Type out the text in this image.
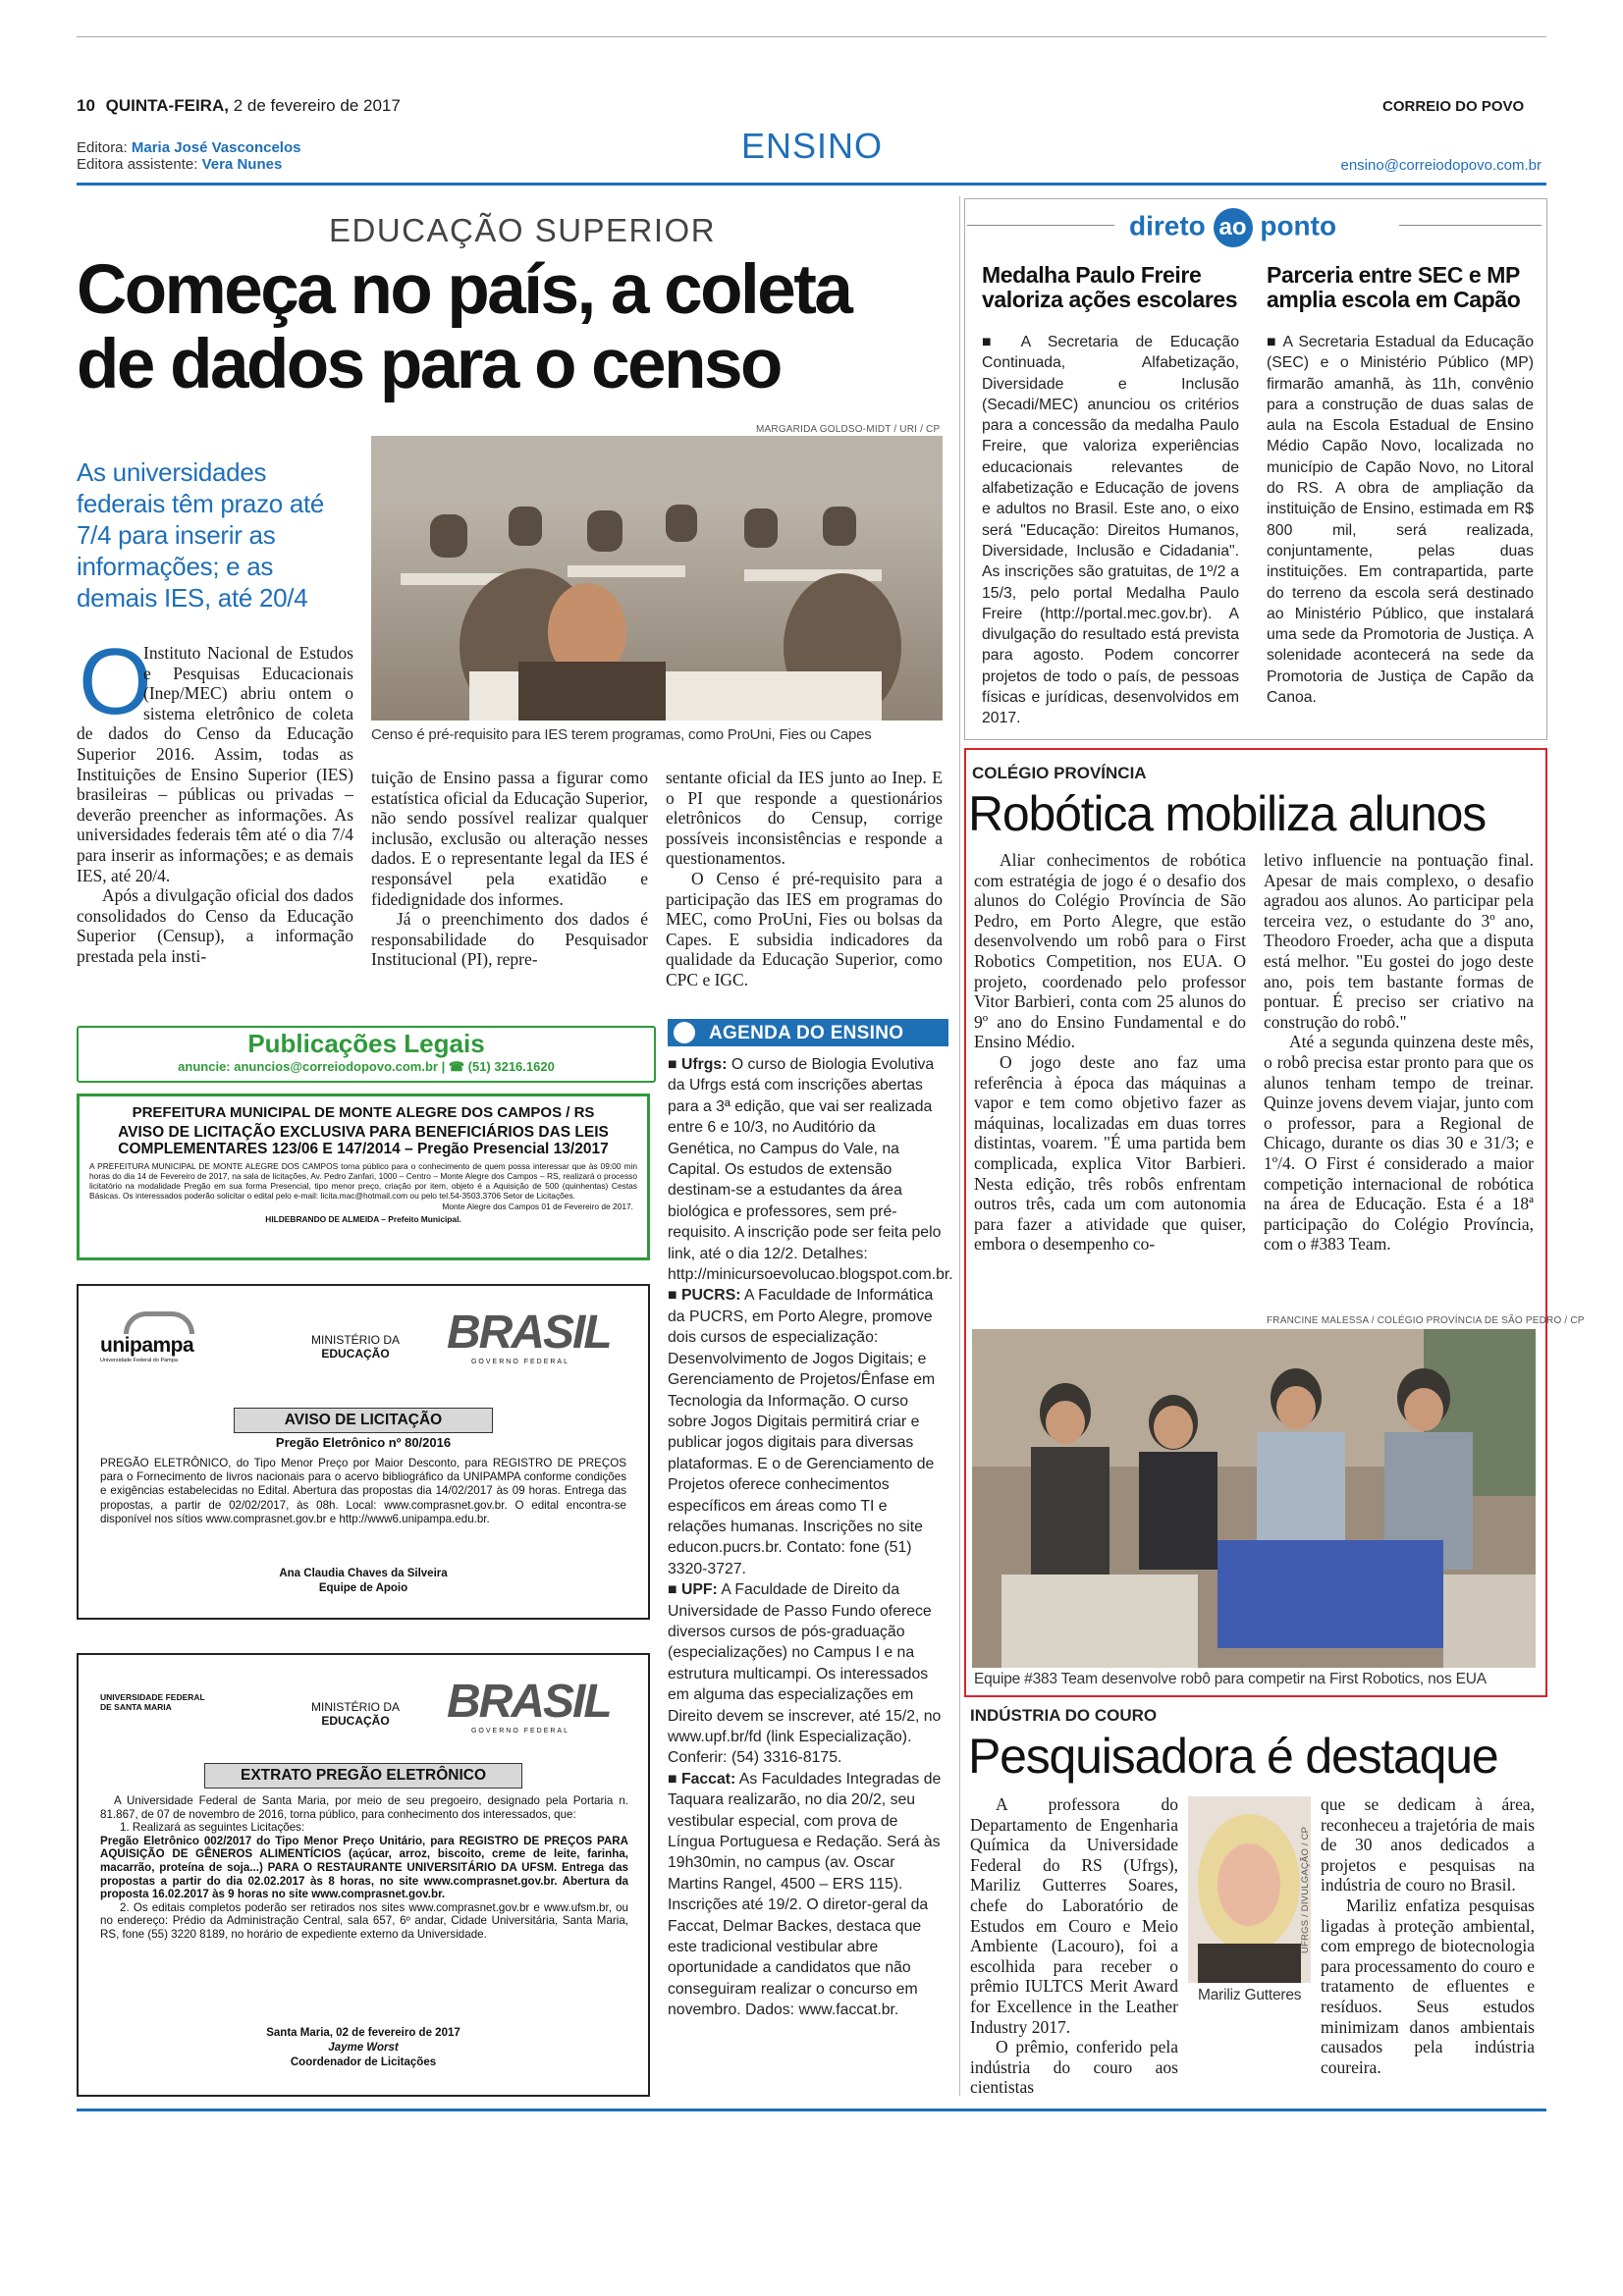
10 QUINTA-FEIRA, 2 de fevereiro de 2017	CORREIO DO POVO
Editora: Maria José Vasconcelos
Editora assistente: Vera Nunes	ENSINO	ensino@correiodopovo.com.br
EDUCAÇÃO SUPERIOR
Começa no país, a coleta
de dados para o censo
MARGARIDA GOLDSO-MIDT / URI / CP
Censo é pré-requisito para IES terem programas, como ProUni, Fies ou Capes
As universidades federais têm prazo até 7/4 para inserir as informações; e as demais IES, até 20/4
O

Instituto Nacional de Estudos e Pesquisas Educacionais (Inep/MEC) abriu ontem o sistema eletrônico de coleta de dados do Censo da Educação Superior 2016. Assim, todas as Instituições de Ensino Superior (IES) brasileiras – públicas ou privadas – deverão preencher as informações. As universidades federais têm até o dia 7/4 para inserir as informações; e as demais IES, até 20/4.

Após a divulgação oficial dos dados consolidados do Censo da Educação Superior (Censup), a informação prestada pela insti-

tuição de Ensino passa a figurar como estatística oficial da Educação Superior, não sendo possível realizar qualquer inclusão, exclusão ou alteração nesses dados. E o representante legal da IES é responsável pela exatidão e fidedignidade dos informes.

Já o preenchimento dos dados é responsabilidade do Pesquisador Institucional (PI), repre-

sentante oficial da IES junto ao Inep. E o PI que responde a questionários eletrônicos do Censup, corrige possíveis inconsistências e responde a questionamentos.

O Censo é pré-requisito para a participação das IES em programas do MEC, como ProUni, Fies ou bolsas da Capes. E subsidia indicadores da qualidade da Educação Superior, como CPC e IGC.

direto ao ponto
Medalha Paulo Freire valoriza ações escolares

■ A Secretaria de Educação Continuada, Alfabetização, Diversidade e Inclusão (Secadi/MEC) anunciou os critérios para a concessão da medalha Paulo Freire, que valoriza experiências educacionais relevantes de alfabetização e Educação de jovens e adultos no Brasil. Este ano, o eixo será "Educação: Direitos Humanos, Diversidade, Inclusão e Cidadania". As inscrições são gratuitas, de 1º/2 a 15/3, pelo portal Medalha Paulo Freire (http://portal.mec.gov.br). A divulgação do resultado está prevista para agosto. Podem concorrer projetos de todo o país, de pessoas físicas e jurídicas, desenvolvidos em 2017.

Parceria entre SEC e MP amplia escola em Capão

■ A Secretaria Estadual da Educação (SEC) e o Ministério Público (MP) firmarão amanhã, às 11h, convênio para a construção de duas salas de aula na Escola Estadual de Ensino Médio Capão Novo, localizada no município de Capão Novo, no Litoral do RS. A obra de ampliação da instituição de Ensino, estimada em R$ 800 mil, será realizada, conjuntamente, pelas duas instituições. Em contrapartida, parte do terreno da escola será destinado ao Ministério Público, que instalará uma sede da Promotoria de Justiça. A solenidade acontecerá na sede da Promotoria de Justiça de Capão da Canoa.

COLÉGIO PROVÍNCIA
Robótica mobiliza alunos

Aliar conhecimentos de robótica com estratégia de jogo é o desafio dos alunos do Colégio Província de São Pedro, em Porto Alegre, que estão desenvolvendo um robô para o First Robotics Competition, nos EUA. O projeto, coordenado pelo professor Vitor Barbieri, conta com 25 alunos do 9º ano do Ensino Fundamental e do Ensino Médio.

O jogo deste ano faz uma referência à época das máquinas a vapor e tem como objetivo fazer as máquinas, localizadas em duas torres distintas, voarem. "É uma partida bem complicada, explica Vitor Barbieri. Nesta edição, três robôs enfrentam outros três, cada um com autonomia para fazer a atividade que quiser, embora o desempenho co-

letivo influencie na pontuação final. Apesar de mais complexo, o desafio agradou aos alunos. Ao participar pela terceira vez, o estudante do 3º ano, Theodoro Froeder, acha que a disputa está melhor. "Eu gostei do jogo deste ano, pois tem bastante formas de pontuar. É preciso ser criativo na construção do robô."

Até a segunda quinzena deste mês, o robô precisa estar pronto para que os alunos tenham tempo de treinar. Quinze jovens devem viajar, junto com o professor, para a Regional de Chicago, durante os dias 30 e 31/3; e 1º/4. O First é considerado a maior competição internacional de robótica na área de Educação. Esta é a 18ª participação do Colégio Província, com o #383 Team.

FRANCINE MALESSA / COLÉGIO PROVÍNCIA DE SÃO PEDRO / CP
Equipe #383 Team desenvolve robô para competir na First Robotics, nos EUA
INDÚSTRIA DO COURO
Pesquisadora é destaque

A professora do Departamento de Engenharia Química da Universidade Federal do RS (Ufrgs), Mariliz Gutterres Soares, chefe do Laboratório de Estudos em Couro e Meio Ambiente (Lacouro), foi a escolhida para receber o prêmio IULTCS Merit Award for Excellence in the Leather Industry 2017.

O prêmio, conferido pela indústria do couro aos cientistas

Mariliz Gutteres
UFRGS / DIVULGAÇÃO / CP

que se dedicam à área, reconheceu a trajetória de mais de 30 anos dedicados a projetos e pesquisas na indústria de couro no Brasil.

Mariliz enfatiza pesquisas ligadas à proteção ambiental, com emprego de biotecnologia para processamento do couro e tratamento de efluentes e resíduos. Seus estudos minimizam danos ambientais causados pela indústria coureira.

AGENDA DO ENSINO

■ Ufrgs: O curso de Biologia Evolutiva da Ufrgs está com inscrições abertas para a 3ª edição, que vai ser realizada entre 6 e 10/3, no Auditório da Genética, no Campus do Vale, na Capital. Os estudos de extensão destinam-se a estudantes da área biológica e professores, sem pré-requisito. A inscrição pode ser feita pelo link, até o dia 12/2. Detalhes: http://minicursoevolucao.blogspot.com.br.

■ PUCRS: A Faculdade de Informática da PUCRS, em Porto Alegre, promove dois cursos de especialização: Desenvolvimento de Jogos Digitais; e Gerenciamento de Projetos/Ênfase em Tecnologia da Informação. O curso sobre Jogos Digitais permitirá criar e publicar jogos digitais para diversas plataformas. E o de Gerenciamento de Projetos oferece conhecimentos específicos em áreas como TI e relações humanas. Inscrições no site educon.pucrs.br. Contato: fone (51) 3320-3727.

■ UPF: A Faculdade de Direito da Universidade de Passo Fundo oferece diversos cursos de pós-graduação (especializações) no Campus I e na estrutura multicampi. Os interessados em alguma das especializações em Direito devem se inscrever, até 15/2, no www.upf.br/fd (link Especialização). Conferir: (54) 3316-8175.

■ Faccat: As Faculdades Integradas de Taquara realizarão, no dia 20/2, seu vestibular especial, com prova de Língua Portuguesa e Redação. Será às 19h30min, no campus (av. Oscar Martins Rangel, 4500 – ERS 115). Inscrições até 19/2. O diretor-geral da Faccat, Delmar Backes, destaca que este tradicional vestibular abre oportunidade a candidatos que não conseguiram realizar o concurso em novembro. Dados: www.faccat.br.

Publicações Legais
anuncie: anuncios@correiodopovo.com.br | ☎ (51) 3216.1620
PREFEITURA MUNICIPAL DE MONTE ALEGRE DOS CAMPOS / RS
AVISO DE LICITAÇÃO EXCLUSIVA PARA BENEFICIÁRIOS DAS LEIS COMPLEMENTARES 123/06 E 147/2014 – Pregão Presencial 13/2017
A PREFEITURA MUNICIPAL DE MONTE ALEGRE DOS CAMPOS torna público para o conhecimento de quem possa interessar que às 09:00 min horas do dia 14 de Fevereiro de 2017, na sala de licitações, Av. Pedro Zanfari, 1000 – Centro – Monte Alegre dos Campos – RS, realizará o processo licitatório na modalidade Pregão em sua forma Presencial, tipo menor preço, criação por item, objeto é a Aquisição de 500 (quinhentas) Cestas Básicas. Os interessados poderão solicitar o edital pelo e-mail: licita.mac@hotmail.com ou pelo tel.54-3503.3706 Setor de Licitações.
Monte Alegre dos Campos 01 de Fevereiro de 2017.
HILDEBRANDO DE ALMEIDA – Prefeito Municipal.
unipampa
Universidade Federal do Pampa
MINISTÉRIO DA
EDUCAÇÃO	BRASIL
GOVERNO FEDERAL
AVISO DE LICITAÇÃO
Pregão Eletrônico nº 80/2016
PREGÃO ELETRÔNICO, do Tipo Menor Preço por Maior Desconto, para REGISTRO DE PREÇOS para o Fornecimento de livros nacionais para o acervo bibliográfico da UNIPAMPA conforme condições e exigências estabelecidas no Edital. Abertura das propostas dia 14/02/2017 às 09 horas. Entrega das propostas, a partir de 02/02/2017, às 08h. Local: www.comprasnet.gov.br. O edital encontra-se disponível nos sítios www.comprasnet.gov.br e http://www6.unipampa.edu.br.
Ana Claudia Chaves da Silveira
Equipe de Apoio
UNIVERSIDADE FEDERAL
DE SANTA MARIA	MINISTÉRIO DA
EDUCAÇÃO	BRASIL
GOVERNO FEDERAL
EXTRATO PREGÃO ELETRÔNICO
A Universidade Federal de Santa Maria, por meio de seu pregoeiro, designado pela Portaria n. 81.867, de 07 de novembro de 2016, torna público, para conhecimento dos interessados, que:
1. Realizará as seguintes Licitações:
Pregão Eletrônico 002/2017 do Tipo Menor Preço Unitário, para REGISTRO DE PREÇOS PARA AQUISIÇÃO DE GÊNEROS ALIMENTÍCIOS (açúcar, arroz, biscoito, creme de leite, farinha, macarrão, proteína de soja...) PARA O RESTAURANTE UNIVERSITÁRIO DA UFSM. Entrega das propostas a partir do dia 02.02.2017 às 8 horas, no site www.comprasnet.gov.br. Abertura da proposta 16.02.2017 às 9 horas no site www.comprasnet.gov.br.
2. Os editais completos poderão ser retirados nos sites www.comprasnet.gov.br e www.ufsm.br, ou no endereço: Prédio da Administração Central, sala 657, 6º andar, Cidade Universitária, Santa Maria, RS, fone (55) 3220 8189, no horário de expediente externo da Universidade.
Santa Maria, 02 de fevereiro de 2017
Jayme Worst
Coordenador de Licitações
